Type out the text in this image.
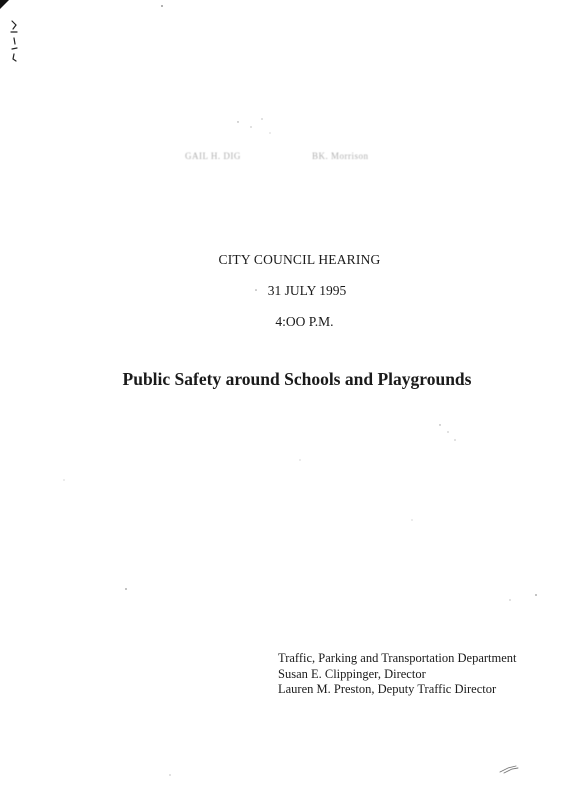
GAIL H. DIG	BK. Morrison
CITY COUNCIL HEARING
31 JULY 1995
4:OO P.M.
Public Safety around Schools and Playgrounds
Traffic, Parking and Transportation Department
Susan E. Clippinger, Director
Lauren M. Preston, Deputy Traffic Director
